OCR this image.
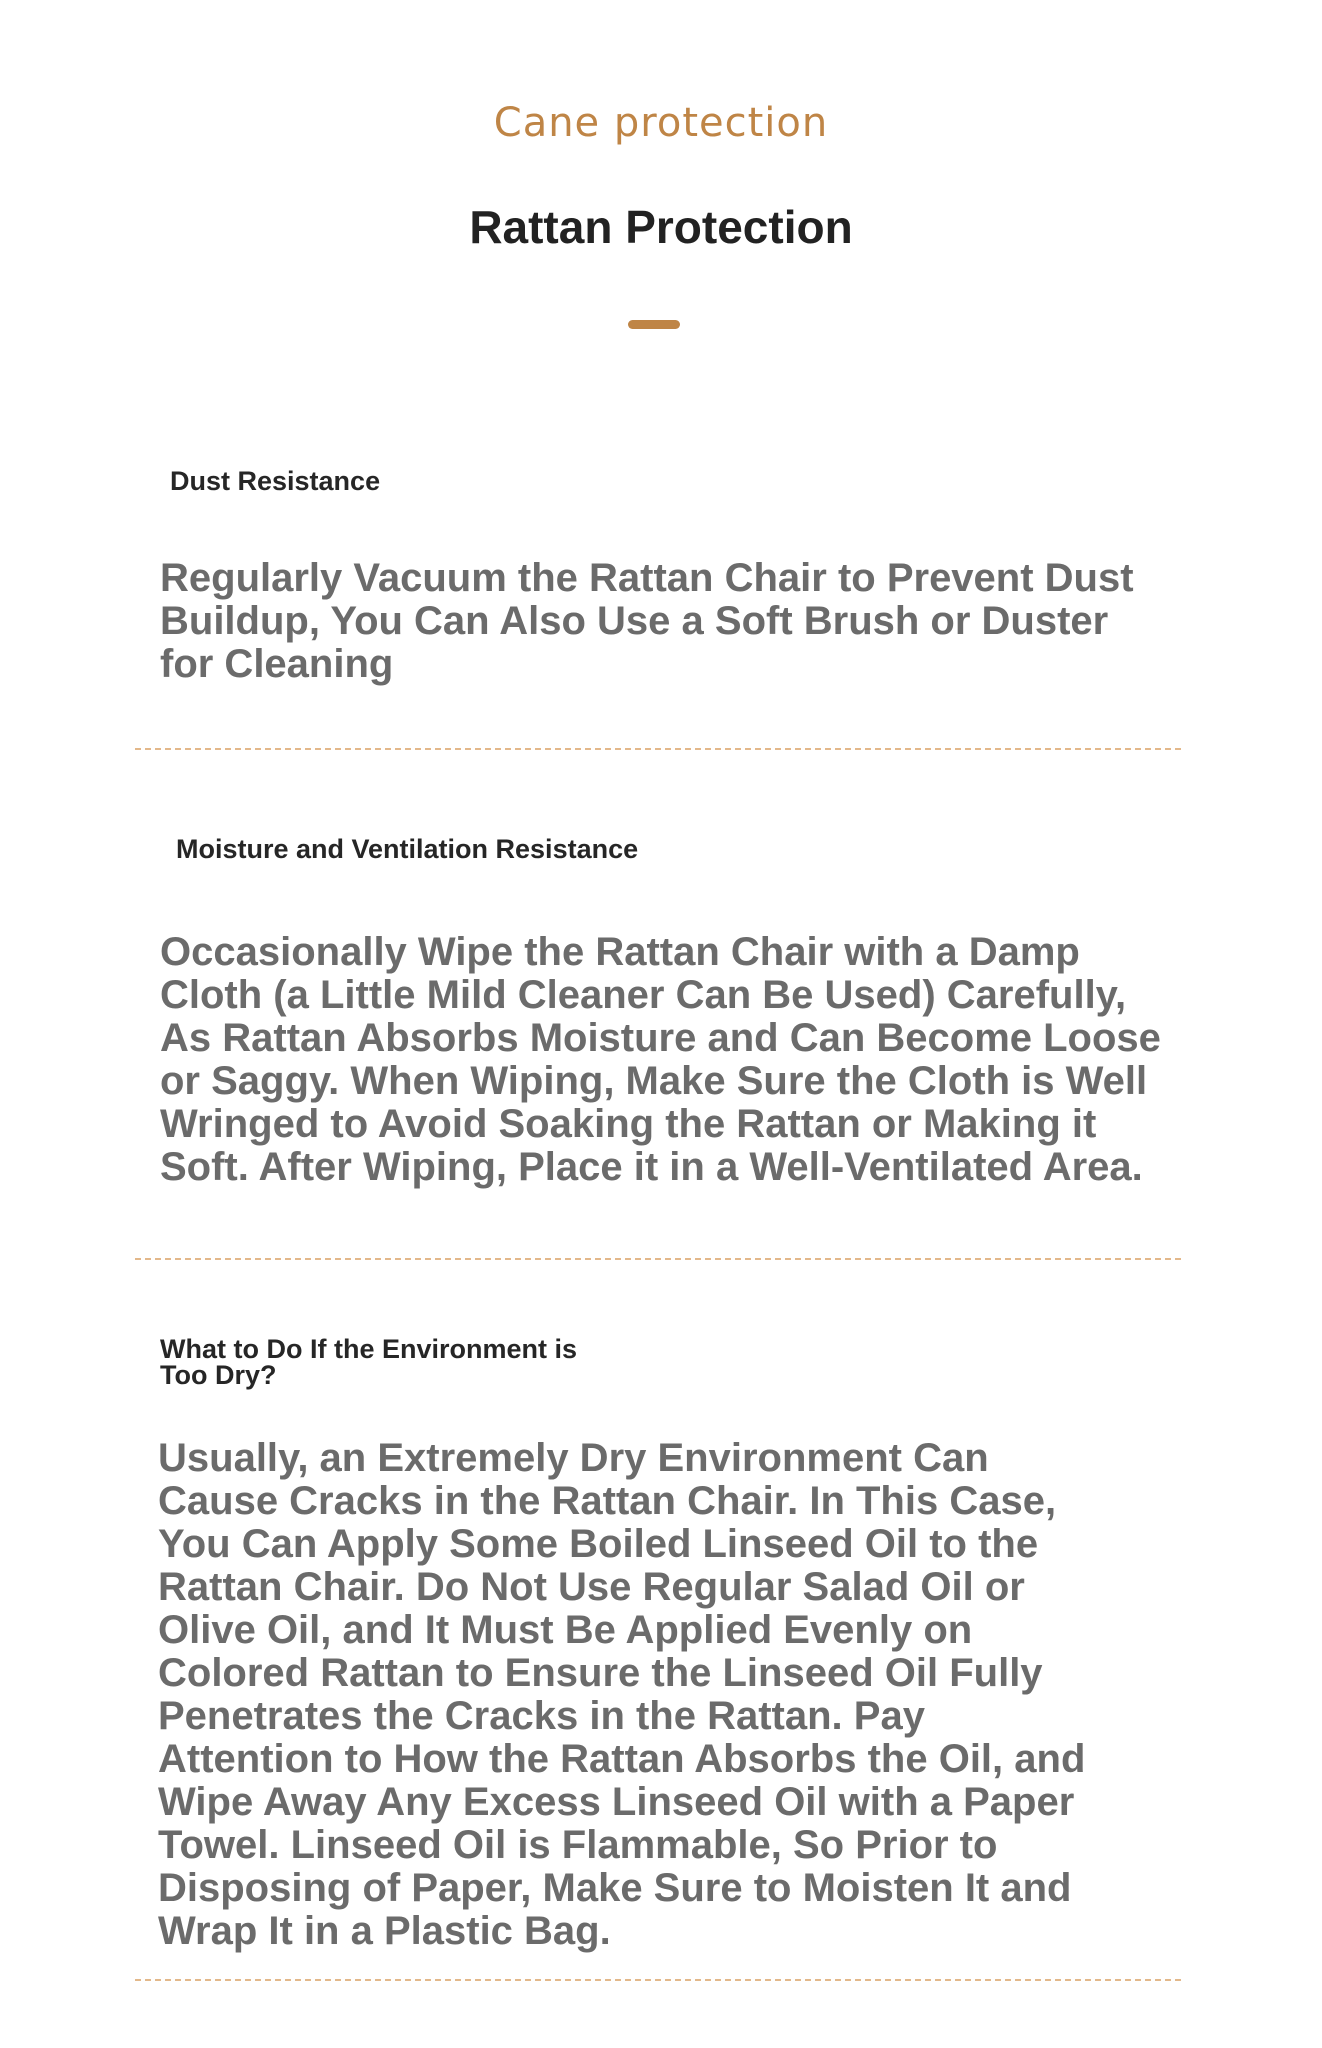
Cane protection
Rattan Protection
Dust Resistance
Regularly Vacuum the Rattan Chair to Prevent Dust Buildup, You Can Also Use a Soft Brush or Duster for Cleaning
Moisture and Ventilation Resistance
Occasionally Wipe the Rattan Chair with a Damp Cloth (a Little Mild Cleaner Can Be Used) Carefully, As Rattan Absorbs Moisture and Can Become Loose or Saggy. When Wiping, Make Sure the Cloth is Well Wringed to Avoid Soaking the Rattan or Making it Soft. After Wiping, Place it in a Well-Ventilated Area.
What to Do If the Environment is Too Dry?
Usually, an Extremely Dry Environment Can Cause Cracks in the Rattan Chair. In This Case, You Can Apply Some Boiled Linseed Oil to the Rattan Chair. Do Not Use Regular Salad Oil or Olive Oil, and It Must Be Applied Evenly on Colored Rattan to Ensure the Linseed Oil Fully Penetrates the Cracks in the Rattan. Pay Attention to How the Rattan Absorbs the Oil, and Wipe Away Any Excess Linseed Oil with a Paper Towel. Linseed Oil is Flammable, So Prior to Disposing of Paper, Make Sure to Moisten It and Wrap It in a Plastic Bag.
